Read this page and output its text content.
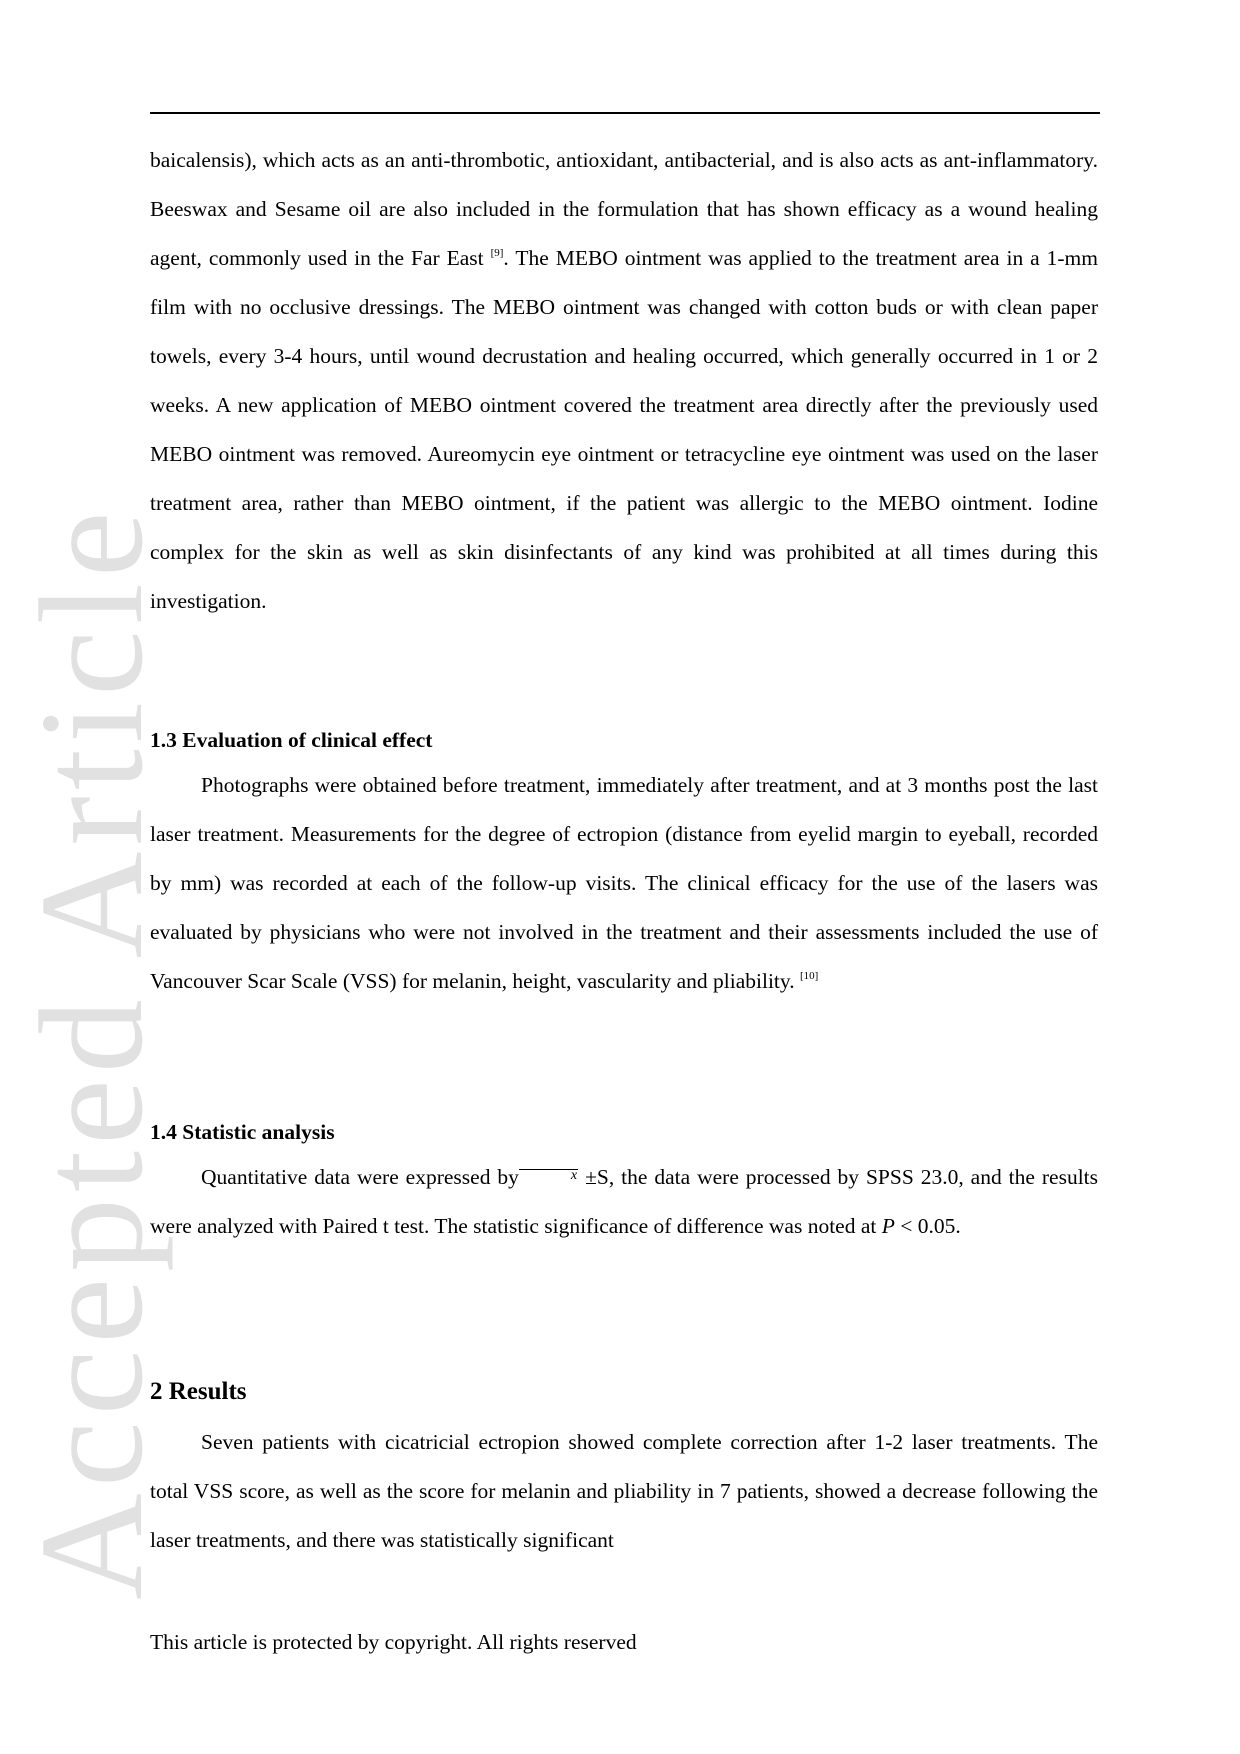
Accepted Article

baicalensis), which acts as an anti-thrombotic, antioxidant, antibacterial, and is also acts as ant-inflammatory. Beeswax and Sesame oil are also included in the formulation that has shown efficacy as a wound healing agent, commonly used in the Far East [9]. The MEBO ointment was applied to the treatment area in a 1-mm film with no occlusive dressings. The MEBO ointment was changed with cotton buds or with clean paper towels, every 3-4 hours, until wound decrustation and healing occurred, which generally occurred in 1 or 2 weeks. A new application of MEBO ointment covered the treatment area directly after the previously used MEBO ointment was removed. Aureomycin eye ointment or tetracycline eye ointment was used on the laser treatment area, rather than MEBO ointment, if the patient was allergic to the MEBO ointment. Iodine complex for the skin as well as skin disinfectants of any kind was prohibited at all times during this investigation.

1.3 Evaluation of clinical effect

Photographs were obtained before treatment, immediately after treatment, and at 3 months post the last laser treatment. Measurements for the degree of ectropion (distance from eyelid margin to eyeball, recorded by mm) was recorded at each of the follow-up visits. The clinical efficacy for the use of the lasers was evaluated by physicians who were not involved in the treatment and their assessments included the use of Vancouver Scar Scale (VSS) for melanin, height, vascularity and pliability. [10]

1.4 Statistic analysis

Quantitative data were expressed by	x ±S, the data were processed by SPSS 23.0, and the results were analyzed with Paired t test. The statistic significance of difference was noted at P < 0.05.

2 Results

Seven patients with cicatricial ectropion showed complete correction after 1-2 laser treatments. The total VSS score, as well as the score for melanin and pliability in 7 patients, showed a decrease following the laser treatments, and there was statistically significant

This article is protected by copyright. All rights reserved
